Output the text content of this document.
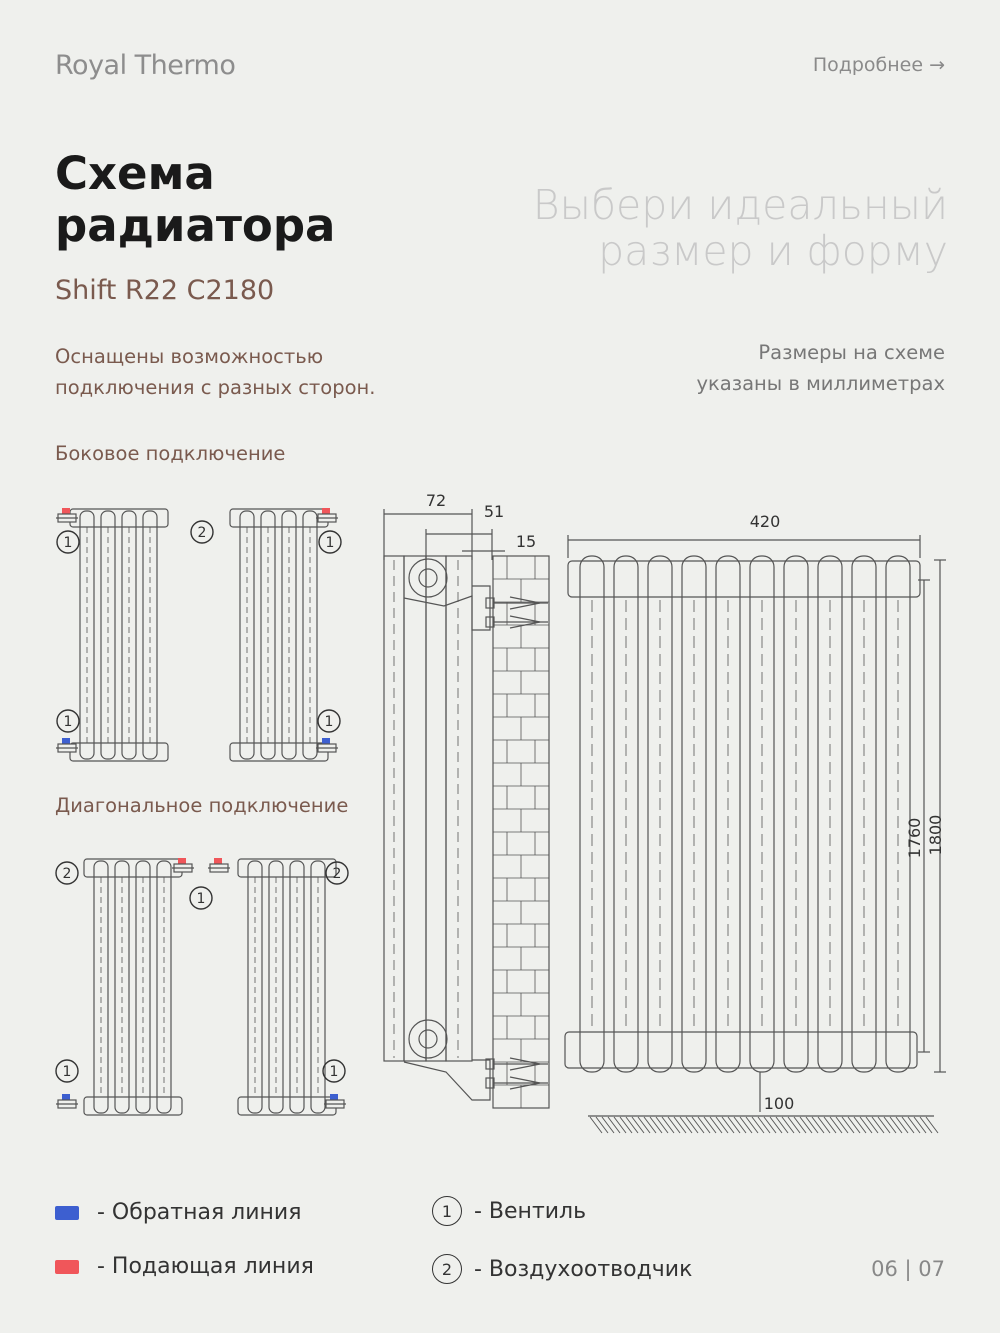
Royal Thermo	Подробнее →
Схема
радиатора
Shift R22 C2180
Выбери идеальный
размер и форму
Оснащены возможностью
подключения с разных сторон.
Размеры на схеме
указаны в миллиметрах
Боковое подключение
Диагональное подключение
1
2
1
1	1
2
1
2
1	1
72
51
15
420
100
1760 1800
- Обратная линия
- Подающая линия
1 - Вентиль
2 - Воздухоотводчик	06 | 07
